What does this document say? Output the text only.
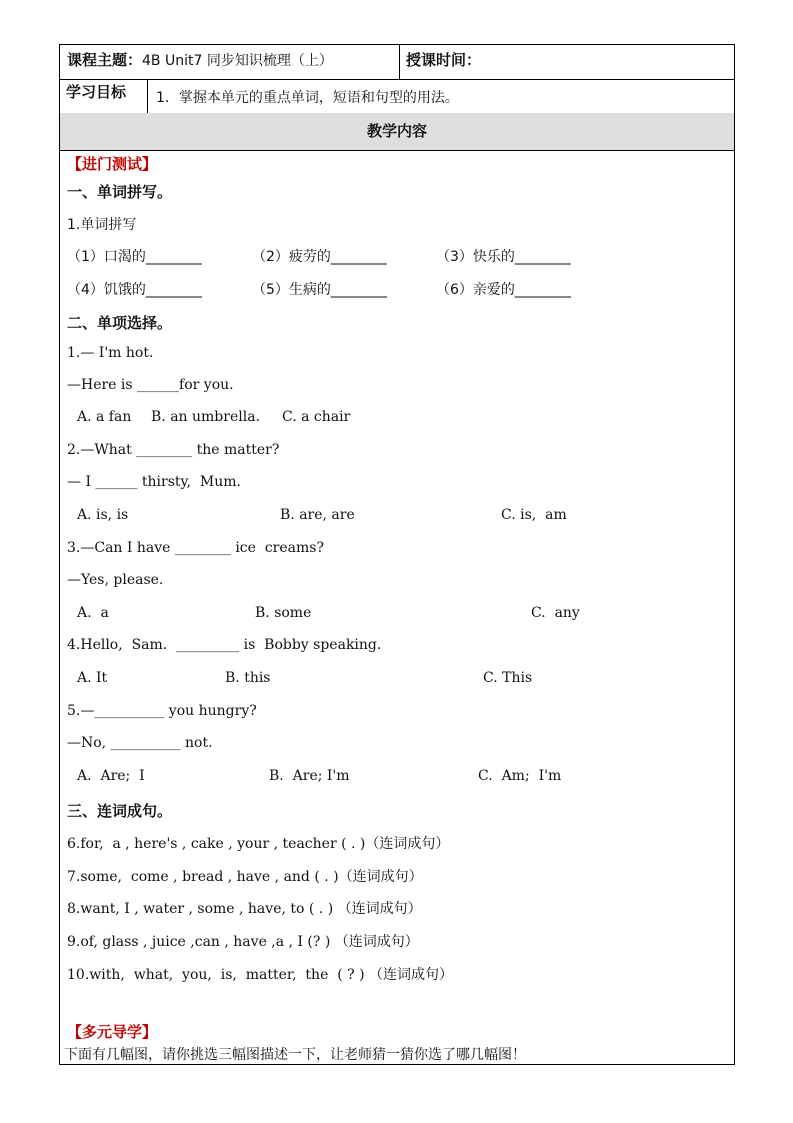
课程主题：4B Unit7 同步知识梳理（上）	授课时间：
学习目标 1．掌握本单元的重点单词，短语和句型的用法。
教学内容
【进门测试】
一、单词拼写。
1.单词拼写
（1）口渴的________	（2）疲劳的________	（3）快乐的________
（4）饥饿的________	（5）生病的________	（6）亲爱的________
二、单项选择。
1.— I'm hot.
—Here is ______for you.
A. a fan B. an umbrella. C. a chair
2.—What ________ the matter?
— I ______ thirsty,  Mum.
A. is, is	B. are, are	C. is,  am
3.—Can I have ________ ice  creams?
—Yes, please.
A.  a	B. some	C.  any
4.Hello,  Sam.  _________ is  Bobby speaking.
A. It	B. this	C. This
5.—__________ you hungry?
—No, __________ not.
A.  Are;  I	B.  Are; I'm	C.  Am;  I'm
三、连词成句。
6.for,  a , here's , cake , your , teacher ( . )（连词成句）
7.some,  come , bread , have , and ( . )（连词成句）
8.want, I , water , some , have, to ( . ) （连词成句）
9.of, glass , juice ,can , have ,a , I (? ) （连词成句）
10.with,  what,  you,  is,  matter,  the  ( ? ) （连词成句）
【多元导学】
下面有几幅图，请你挑选三幅图描述一下，让老师猜一猜你选了哪几幅图！
